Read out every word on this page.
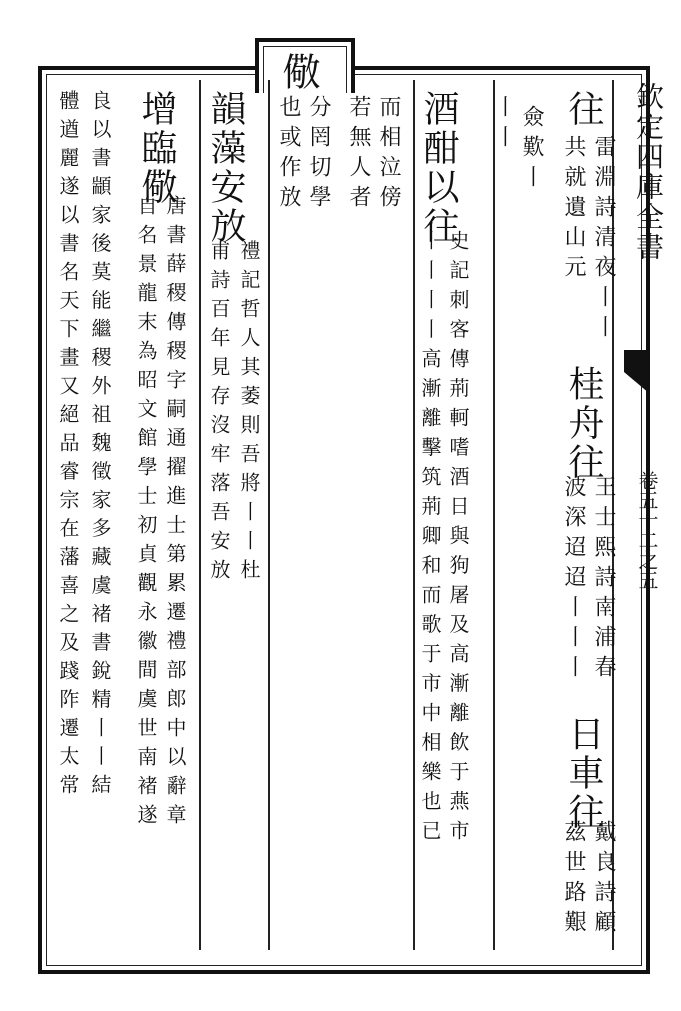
儆
欽定四庫全書
卷五十二之五
往
雷淵詩清夜丨丨
共就遺山元
僉歎丨
丨丨
桂舟往
王士熙詩南浦春
波深迢迢丨丨丨
日車往
戴良詩顧
茲世路艱
酒酣以往
史記刺客傳荊軻嗜酒日與狗屠及高漸離飲于燕市
丨丨丨丨高漸離擊筑荊卿和而歌于市中相樂也已
而相泣傍
若無人者
分罔切學
也或作放
韻藻安放
禮記哲人其萎則吾將丨丨杜
甫詩百年見存沒牢落吾安放
增臨儆
唐書薛稷傳稷字嗣通擢進士第累遷禮部郎中以辭章
自名景龍末為昭文館學士初貞觀永徽間虞世南褚遂
良以書顓家後莫能繼稷外祖魏徵家多藏虞褚書銳精丨丨結
體遒麗遂以書名天下畫又絕品睿宗在藩喜之及踐阼遷太常
